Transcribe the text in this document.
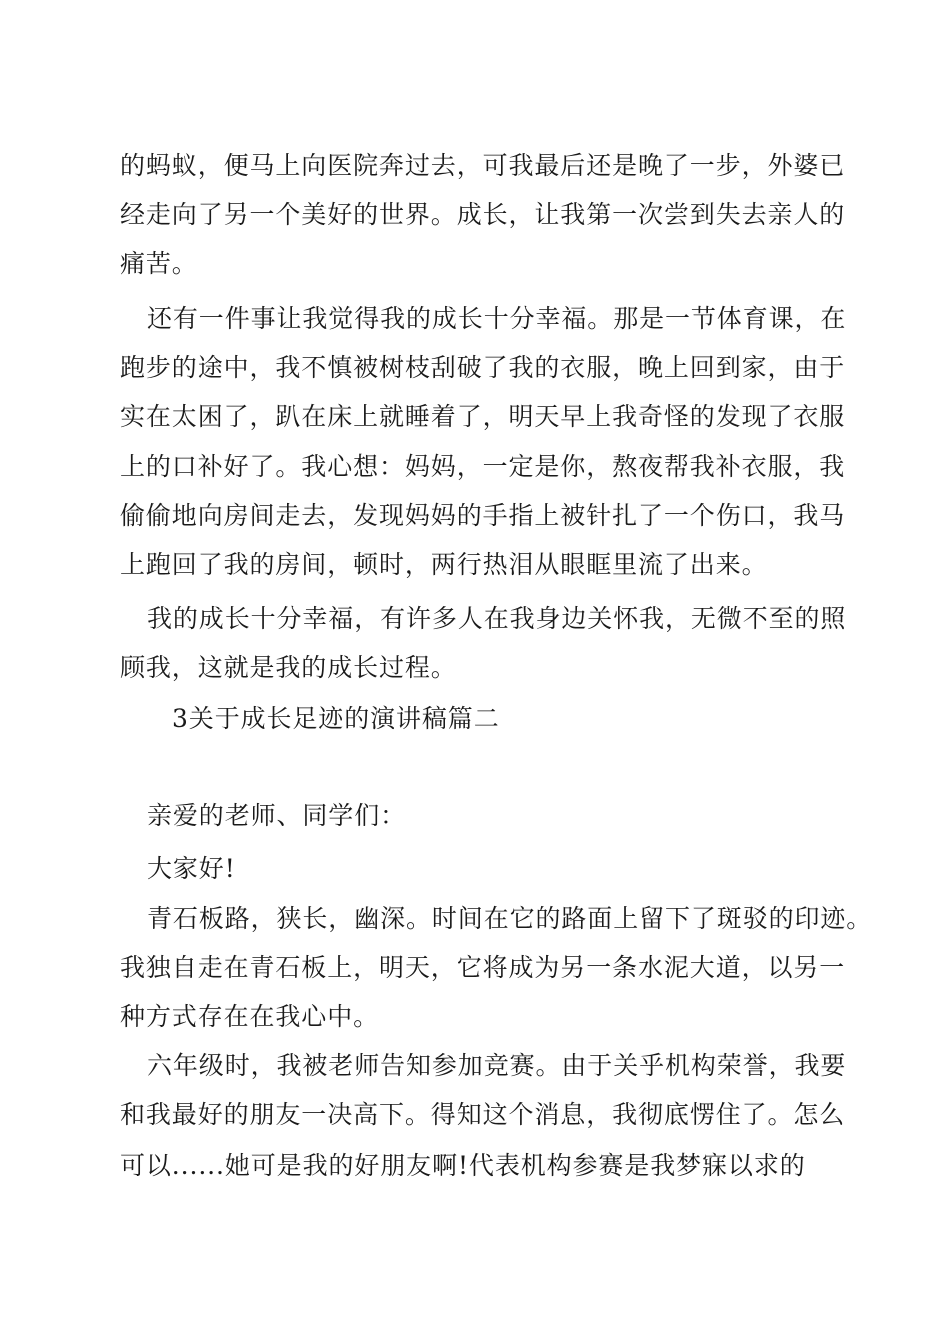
的蚂蚁，便马上向医院奔过去，可我最后还是晚了一步，外婆已
经走向了另一个美好的世界。成长，让我第一次尝到失去亲人的
痛苦。
还有一件事让我觉得我的成长十分幸福。那是一节体育课，在
跑步的途中，我不慎被树枝刮破了我的衣服，晚上回到家，由于
实在太困了，趴在床上就睡着了，明天早上我奇怪的发现了衣服
上的口补好了。我心想：妈妈，一定是你，熬夜帮我补衣服，我
偷偷地向房间走去，发现妈妈的手指上被针扎了一个伤口，我马
上跑回了我的房间，顿时，两行热泪从眼眶里流了出来。
我的成长十分幸福，有许多人在我身边关怀我，无微不至的照
顾我，这就是我的成长过程。
3关于成长足迹的演讲稿篇二
亲爱的老师、同学们：
大家好!
青石板路，狭长，幽深。时间在它的路面上留下了斑驳的印迹。
我独自走在青石板上，明天，它将成为另一条水泥大道，以另一
种方式存在在我心中。
六年级时，我被老师告知参加竞赛。由于关乎机构荣誉，我要
和我最好的朋友一决高下。得知这个消息，我彻底愣住了。怎么
可以......她可是我的好朋友啊!代表机构参赛是我梦寐以求的
